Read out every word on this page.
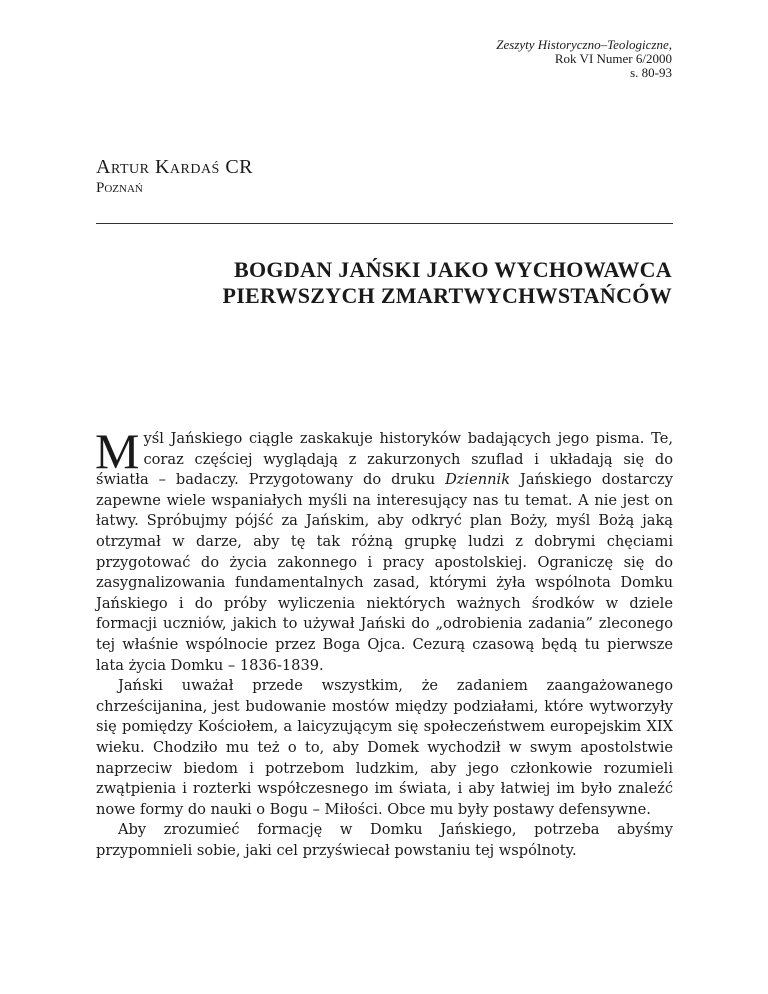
Zeszyty Historyczno–Teologiczne,
Rok VI Numer 6/2000
s. 80-93
Artur Kardaś CR
Poznań
BOGDAN JAŃSKI JAKO WYCHOWAWCA
PIERWSZYCH ZMARTWYCHWSTAŃCÓW

Myśl Jańskiego ciągle zaskakuje historyków badających jego pisma. Te, coraz częściej wyglądają z zakurzonych szuflad i układają się do światła – badaczy. Przygotowany do druku Dziennik Jańskiego dostarczy zapewne wiele wspaniałych myśli na interesujący nas tu temat. A nie jest on łatwy. Spróbujmy pójść za Jańskim, aby odkryć plan Boży, myśl Bożą jaką otrzymał w darze, aby tę tak różną grupkę ludzi z dobrymi chęciami przygotować do życia zakonnego i pracy apostolskiej. Ograniczę się do zasygnalizowania fundamentalnych zasad, którymi żyła wspólnota Domku Jańskiego i do próby wyliczenia niektórych ważnych środków w dziele formacji uczniów, jakich to używał Jański do „odrobienia zadania” zleconego tej właśnie wspólnocie przez Boga Ojca. Cezurą czasową będą tu pierwsze lata życia Domku – 1836-1839.

Jański uważał przede wszystkim, że zadaniem zaangażowanego chrześcijanina, jest budowanie mostów między podziałami, które wytworzyły się pomiędzy Kościołem, a laicyzującym się społeczeństwem europejskim XIX wieku. Chodziło mu też o to, aby Domek wychodził w swym apostolstwie naprzeciw biedom i potrzebom ludzkim, aby jego członkowie rozumieli zwątpienia i rozterki współczesnego im świata, i aby łatwiej im było znaleźć nowe formy do nauki o Bogu – Miłości. Obce mu były postawy defensywne.

Aby zrozumieć formację w Domku Jańskiego, potrzeba abyśmy przypomnieli sobie, jaki cel przyświecał powstaniu tej wspólnoty.
